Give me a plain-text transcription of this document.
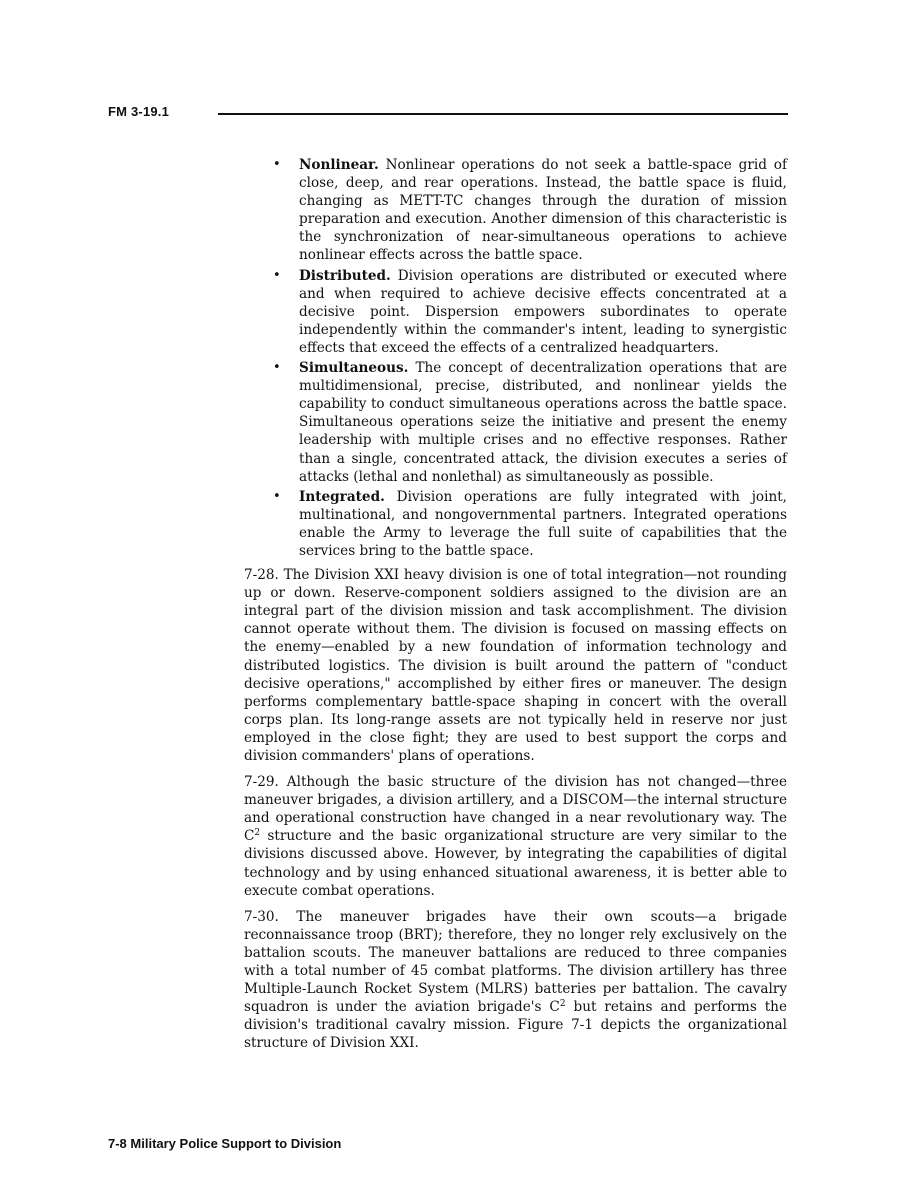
FM 3-19.1
• Nonlinear. Nonlinear operations do not seek a battle-space grid of close, deep, and rear operations. Instead, the battle space is fluid, changing as METT-TC changes through the duration of mission preparation and execution. Another dimension of this characteristic is the synchronization of near-simultaneous operations to achieve nonlinear effects across the battle space.
• Distributed. Division operations are distributed or executed where and when required to achieve decisive effects concentrated at a decisive point. Dispersion empowers subordinates to operate independently within the commander's intent, leading to synergistic effects that exceed the effects of a centralized headquarters.
• Simultaneous. The concept of decentralization operations that are multidimensional, precise, distributed, and nonlinear yields the capability to conduct simultaneous operations across the battle space. Simultaneous operations seize the initiative and present the enemy leadership with multiple crises and no effective responses. Rather than a single, concentrated attack, the division executes a series of attacks (lethal and nonlethal) as simultaneously as possible.
• Integrated. Division operations are fully integrated with joint, multinational, and nongovernmental partners. Integrated operations enable the Army to leverage the full suite of capabilities that the services bring to the battle space.

7-28. The Division XXI heavy division is one of total integration—not rounding up or down. Reserve-component soldiers assigned to the division are an integral part of the division mission and task accomplishment. The division cannot operate without them. The division is focused on massing effects on the enemy—enabled by a new foundation of information technology and distributed logistics. The division is built around the pattern of "conduct decisive operations," accomplished by either fires or maneuver. The design performs complementary battle-space shaping in concert with the overall corps plan. Its long-range assets are not typically held in reserve nor just employed in the close fight; they are used to best support the corps and division commanders' plans of operations.

7-29. Although the basic structure of the division has not changed—three maneuver brigades, a division artillery, and a DISCOM—the internal structure and operational construction have changed in a near revolutionary way. The $C^2$ structure and the basic organizational structure are very similar to the divisions discussed above. However, by integrating the capabilities of digital technology and by using enhanced situational awareness, it is better able to execute combat operations.

7-30. The maneuver brigades have their own scouts—a brigade reconnaissance troop (BRT); therefore, they no longer rely exclusively on the battalion scouts. The maneuver battalions are reduced to three companies with a total number of 45 combat platforms. The division artillery has three Multiple-Launch Rocket System (MLRS) batteries per battalion. The cavalry squadron is under the aviation brigade's $C^2$ but retains and performs the division's traditional cavalry mission. Figure 7-1 depicts the organizational structure of Division XXI.

7-8 Military Police Support to Division
